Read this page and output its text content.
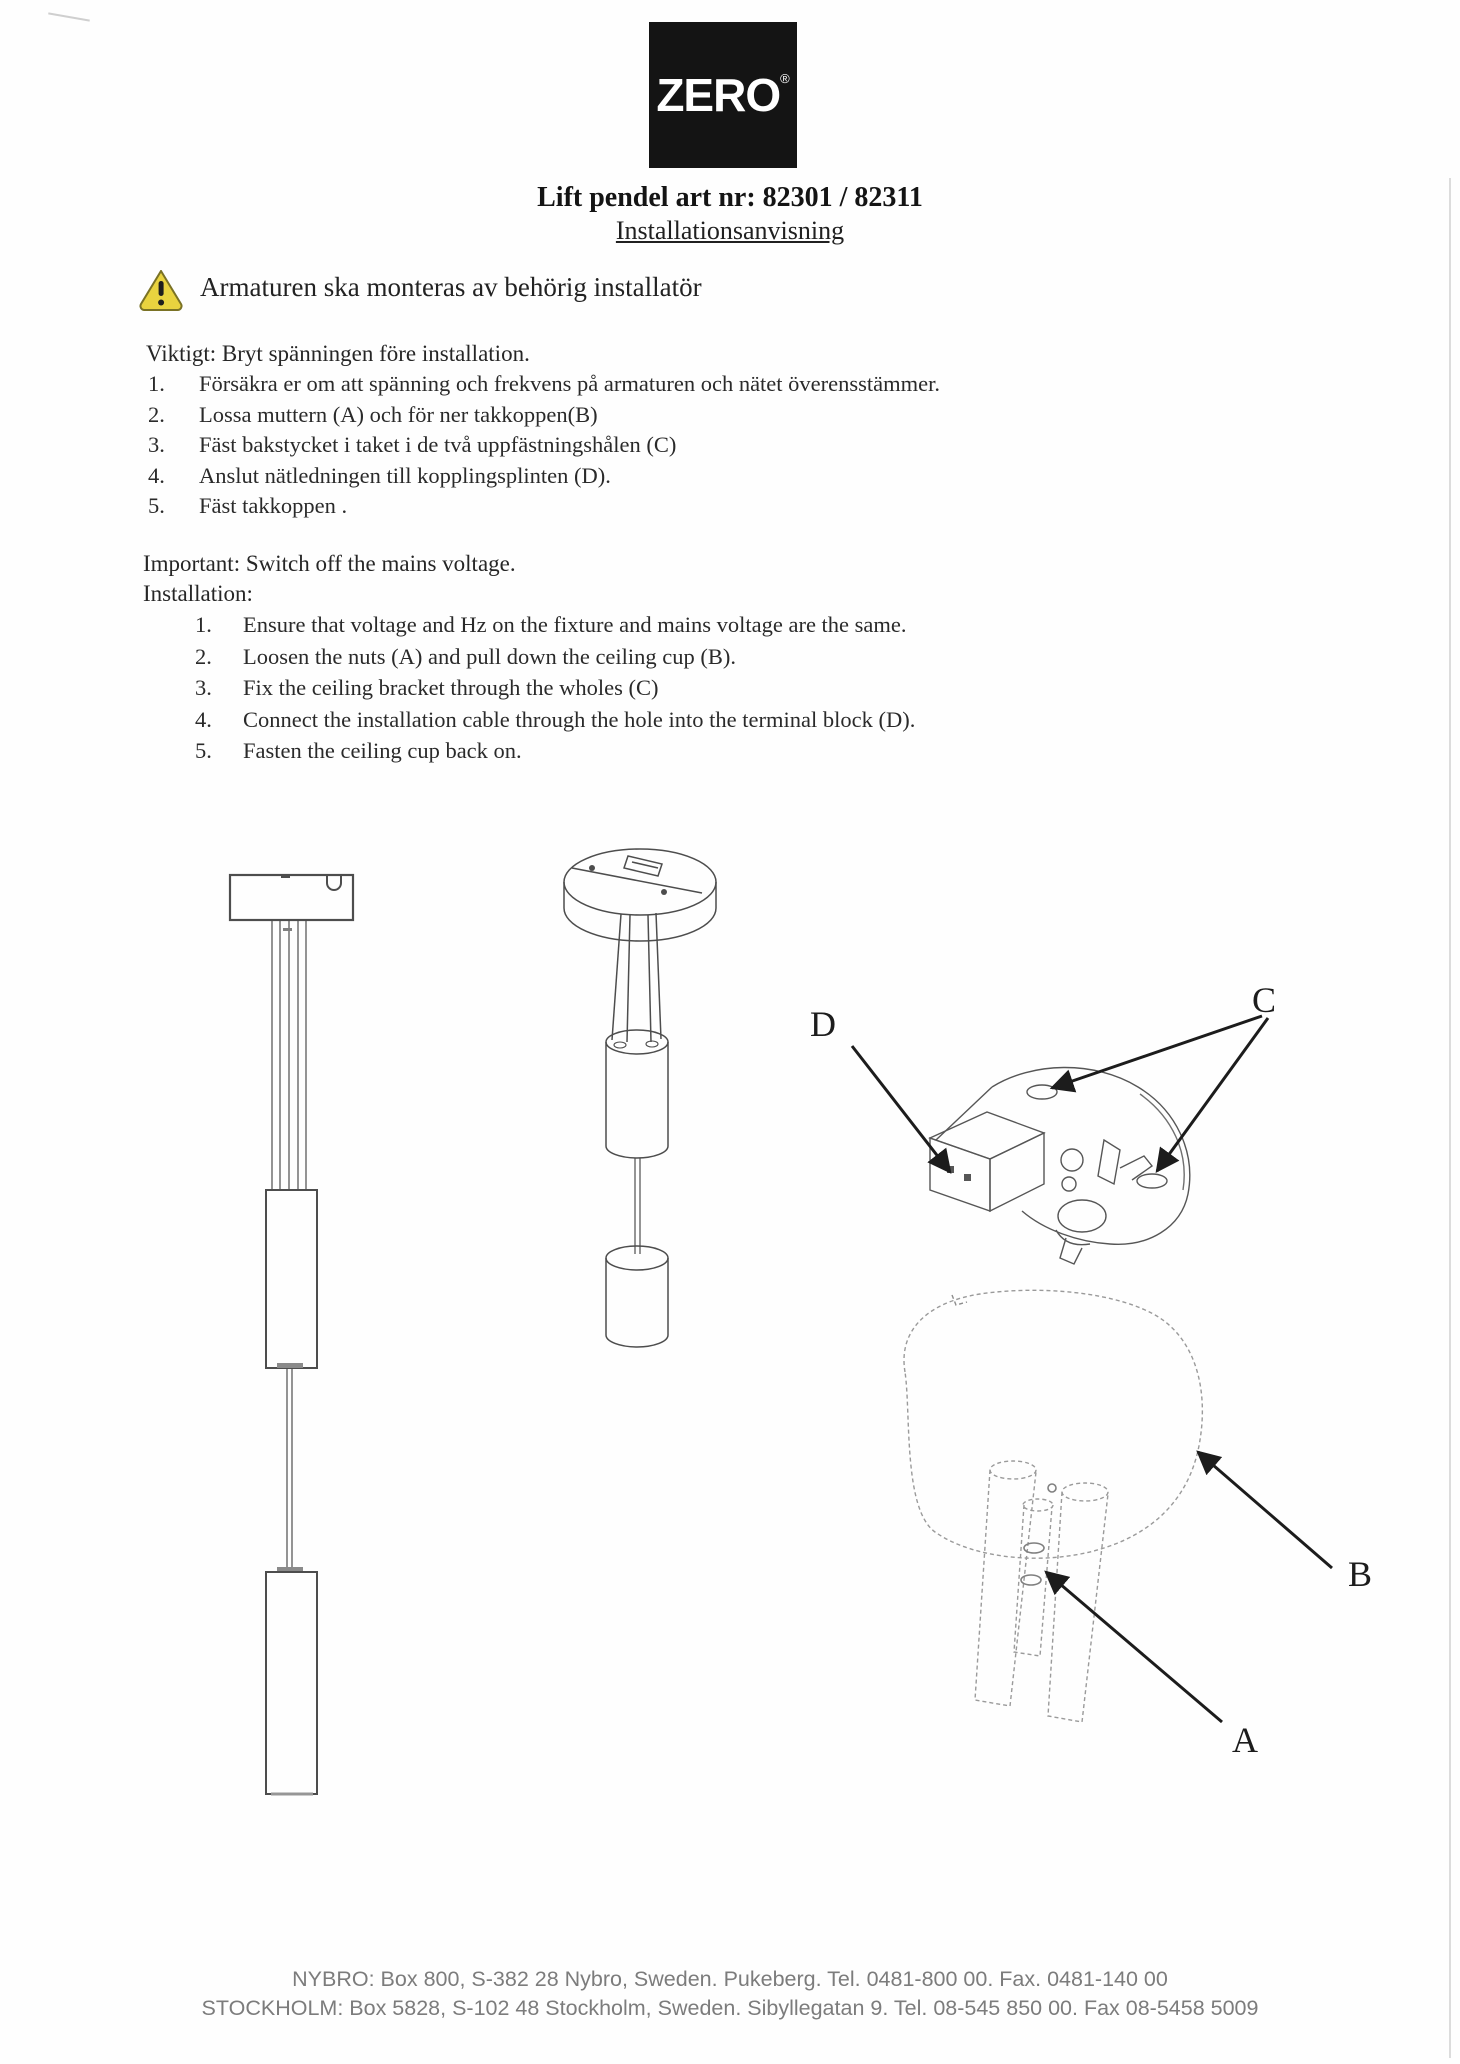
ZERO®
Lift pendel art nr: 82301 / 82311
Installationsanvisning
Armaturen ska monteras av behörig installatör
Viktigt: Bryt spänningen före installation.
1. Försäkra er om att spänning och frekvens på armaturen och nätet överensstämmer.
2. Lossa muttern (A) och för ner takkoppen(B)
3. Fäst bakstycket i taket i de två uppfästningshålen (C)
4. Anslut nätledningen till kopplingsplinten (D).
5. Fäst takkoppen .
Important: Switch off the mains voltage.
Installation:
1. Ensure that voltage and Hz on the fixture and mains voltage are the same.
2. Loosen the nuts (A) and pull down the ceiling cup (B).
3. Fix the ceiling bracket through the wholes (C)
4. Connect the installation cable through the hole into the terminal block (D).
5. Fasten the ceiling cup back on.
D
C
B
A
NYBRO: Box 800, S-382 28 Nybro, Sweden. Pukeberg. Tel. 0481-800 00. Fax. 0481-140 00
STOCKHOLM: Box 5828, S-102 48 Stockholm, Sweden. Sibyllegatan 9. Tel. 08-545 850 00. Fax 08-5458 5009
